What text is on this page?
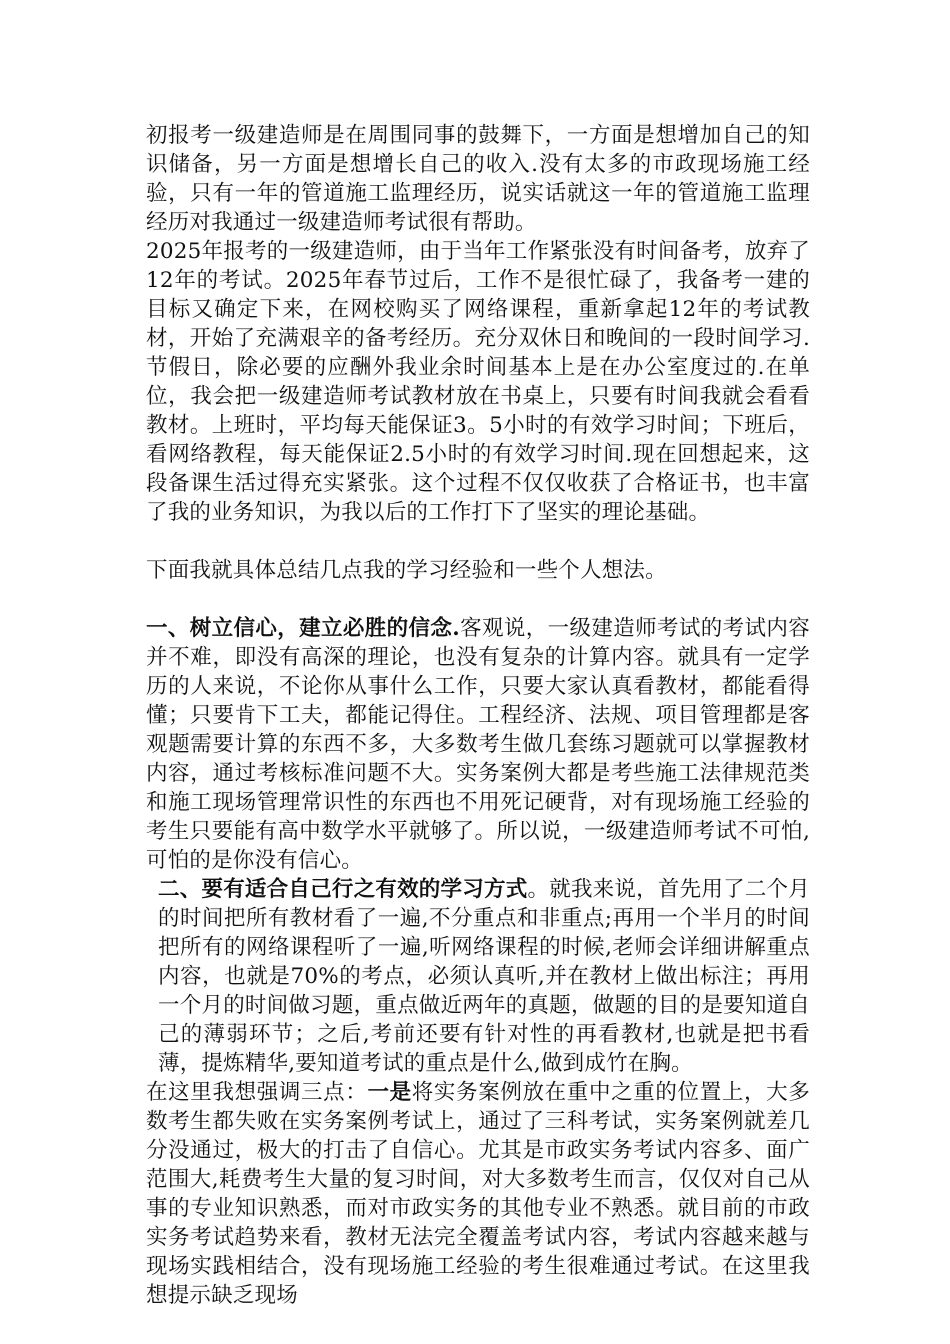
初报考一级建造师是在周围同事的鼓舞下，一方面是想增加自己的知识储备，另一方面是想增长自己的收入.没有太多的市政现场施工经验，只有一年的管道施工监理经历，说实话就这一年的管道施工监理经历对我通过一级建造师考试很有帮助。

2025年报考的一级建造师，由于当年工作紧张没有时间备考，放弃了12年的考试。2025年春节过后，工作不是很忙碌了，我备考一建的目标又确定下来，在网校购买了网络课程，重新拿起12年的考试教材，开始了充满艰辛的备考经历。充分双休日和晚间的一段时间学习.节假日，除必要的应酬外我业余时间基本上是在办公室度过的.在单位，我会把一级建造师考试教材放在书桌上，只要有时间我就会看看教材。上班时，平均每天能保证3。5小时的有效学习时间；下班后，看网络教程，每天能保证2.5小时的有效学习时间.现在回想起来，这段备课生活过得充实紧张。这个过程不仅仅收获了合格证书，也丰富了我的业务知识，为我以后的工作打下了坚实的理论基础。

下面我就具体总结几点我的学习经验和一些个人想法。

一、树立信心，建立必胜的信念.客观说，一级建造师考试的考试内容并不难，即没有高深的理论，也没有复杂的计算内容。就具有一定学历的人来说，不论你从事什么工作，只要大家认真看教材，都能看得懂；只要肯下工夫，都能记得住。工程经济、法规、项目管理都是客观题需要计算的东西不多，大多数考生做几套练习题就可以掌握教材内容，通过考核标准问题不大。实务案例大都是考些施工法律规范类和施工现场管理常识性的东西也不用死记硬背，对有现场施工经验的考生只要能有高中数学水平就够了。所以说，一级建造师考试不可怕,可怕的是你没有信心。

二、要有适合自己行之有效的学习方式。就我来说，首先用了二个月的时间把所有教材看了一遍,不分重点和非重点;再用一个半月的时间把所有的网络课程听了一遍,听网络课程的时候,老师会详细讲解重点内容，也就是70%的考点，必须认真听,并在教材上做出标注；再用一个月的时间做习题，重点做近两年的真题，做题的目的是要知道自己的薄弱环节；之后,考前还要有针对性的再看教材,也就是把书看薄，提炼精华,要知道考试的重点是什么,做到成竹在胸。

在这里我想强调三点：一是将实务案例放在重中之重的位置上，大多数考生都失败在实务案例考试上，通过了三科考试，实务案例就差几分没通过，极大的打击了自信心。尤其是市政实务考试内容多、面广范围大,耗费考生大量的复习时间，对大多数考生而言，仅仅对自己从事的专业知识熟悉，而对市政实务的其他专业不熟悉。就目前的市政实务考试趋势来看，教材无法完全覆盖考试内容，考试内容越来越与现场实践相结合，没有现场施工经验的考生很难通过考试。在这里我想提示缺乏现场
